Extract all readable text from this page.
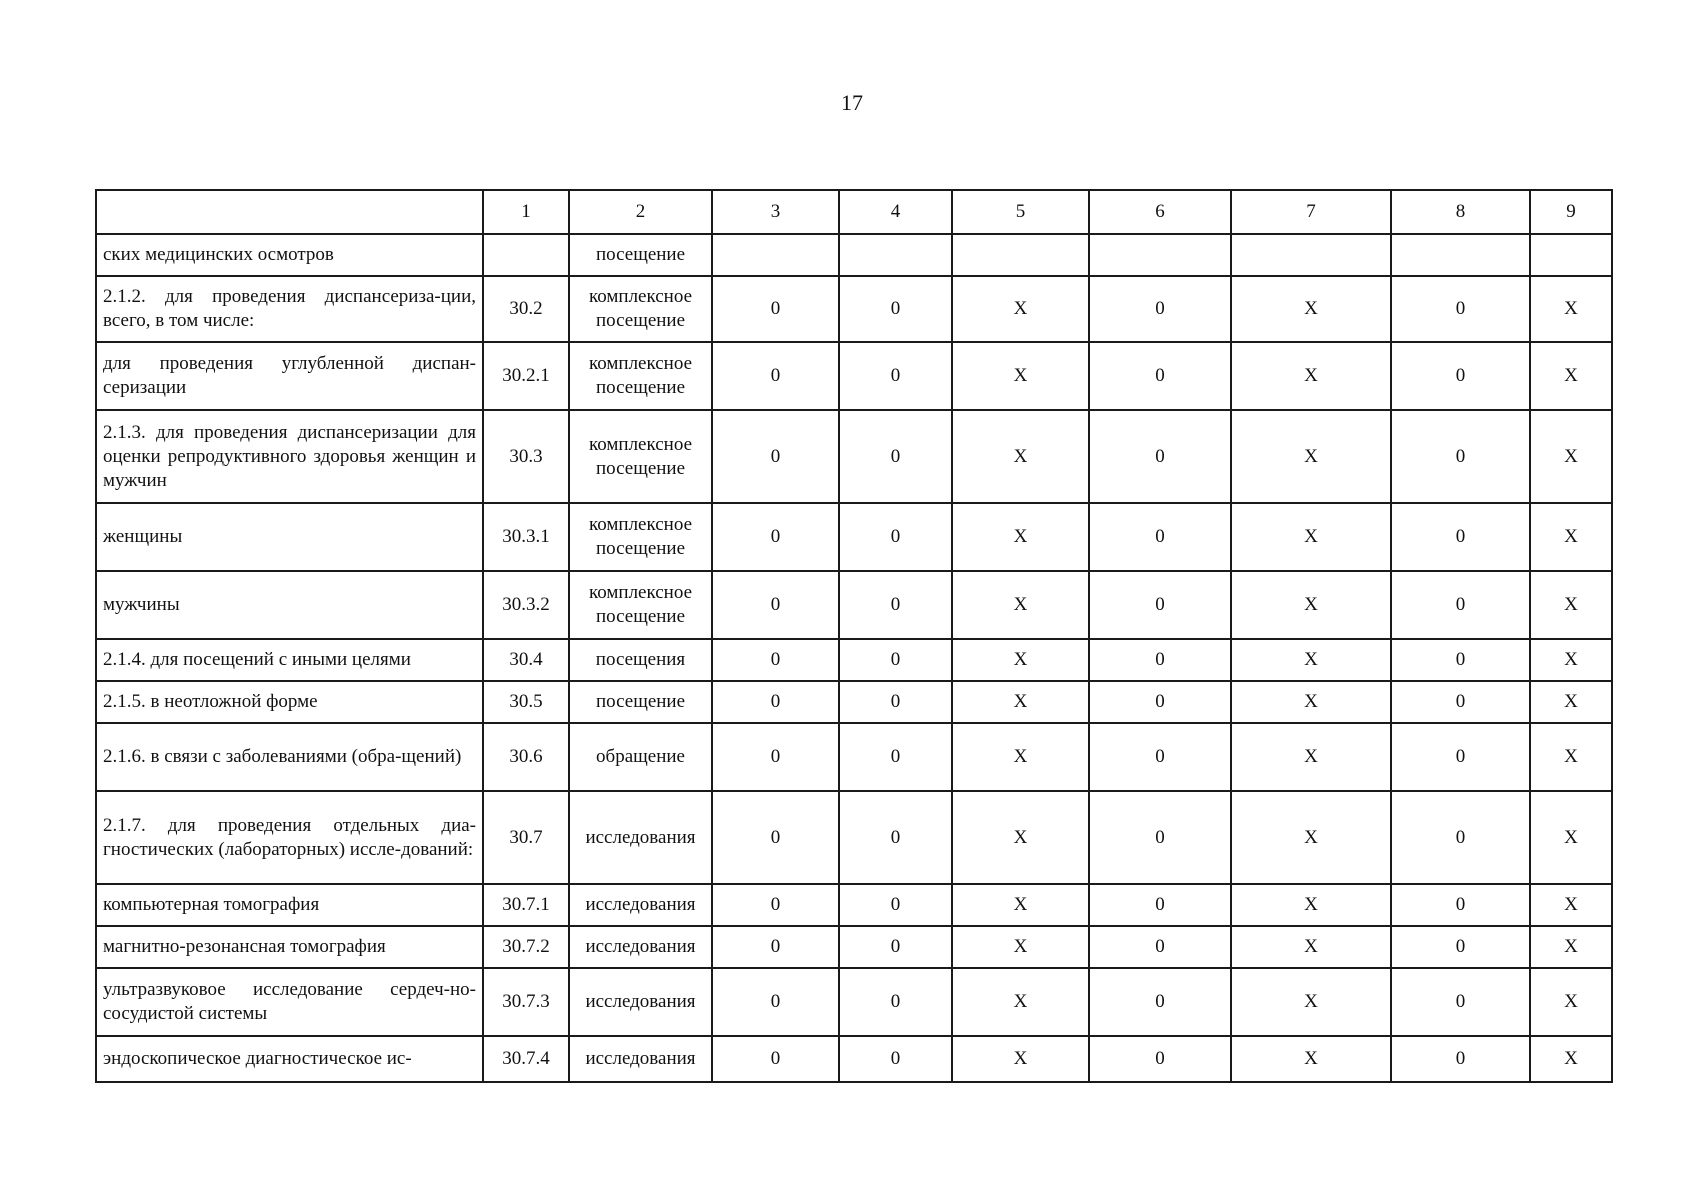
17
	1	2	3	4	5	6	7	8	9
ских медицинских осмотров		посещение							
2.1.2. для проведения диспансериза-ции, всего, в том числе:	30.2	комплексное посещение	0	0	X	0	X	0	X
для проведения углубленной диспан-серизации	30.2.1	комплексное посещение	0	0	X	0	X	0	X
2.1.3. для проведения диспансеризации для оценки репродуктивного здоровья женщин и мужчин	30.3	комплексное посещение	0	0	X	0	X	0	X
женщины	30.3.1	комплексное посещение	0	0	X	0	X	0	X
мужчины	30.3.2	комплексное посещение	0	0	X	0	X	0	X
2.1.4. для посещений с иными целями	30.4	посещения	0	0	X	0	X	0	X
2.1.5. в неотложной форме	30.5	посещение	0	0	X	0	X	0	X
2.1.6. в связи с заболеваниями (обра-щений)	30.6	обращение	0	0	X	0	X	0	X
2.1.7. для проведения отдельных диа-гностических (лабораторных) иссле-дований:	30.7	исследования	0	0	X	0	X	0	X
компьютерная томография	30.7.1	исследования	0	0	X	0	X	0	X
магнитно-резонансная томография	30.7.2	исследования	0	0	X	0	X	0	X
ультразвуковое исследование сердеч-но-сосудистой системы	30.7.3	исследования	0	0	X	0	X	0	X
эндоскопическое диагностическое ис-	30.7.4	исследования	0	0	X	0	X	0	X
